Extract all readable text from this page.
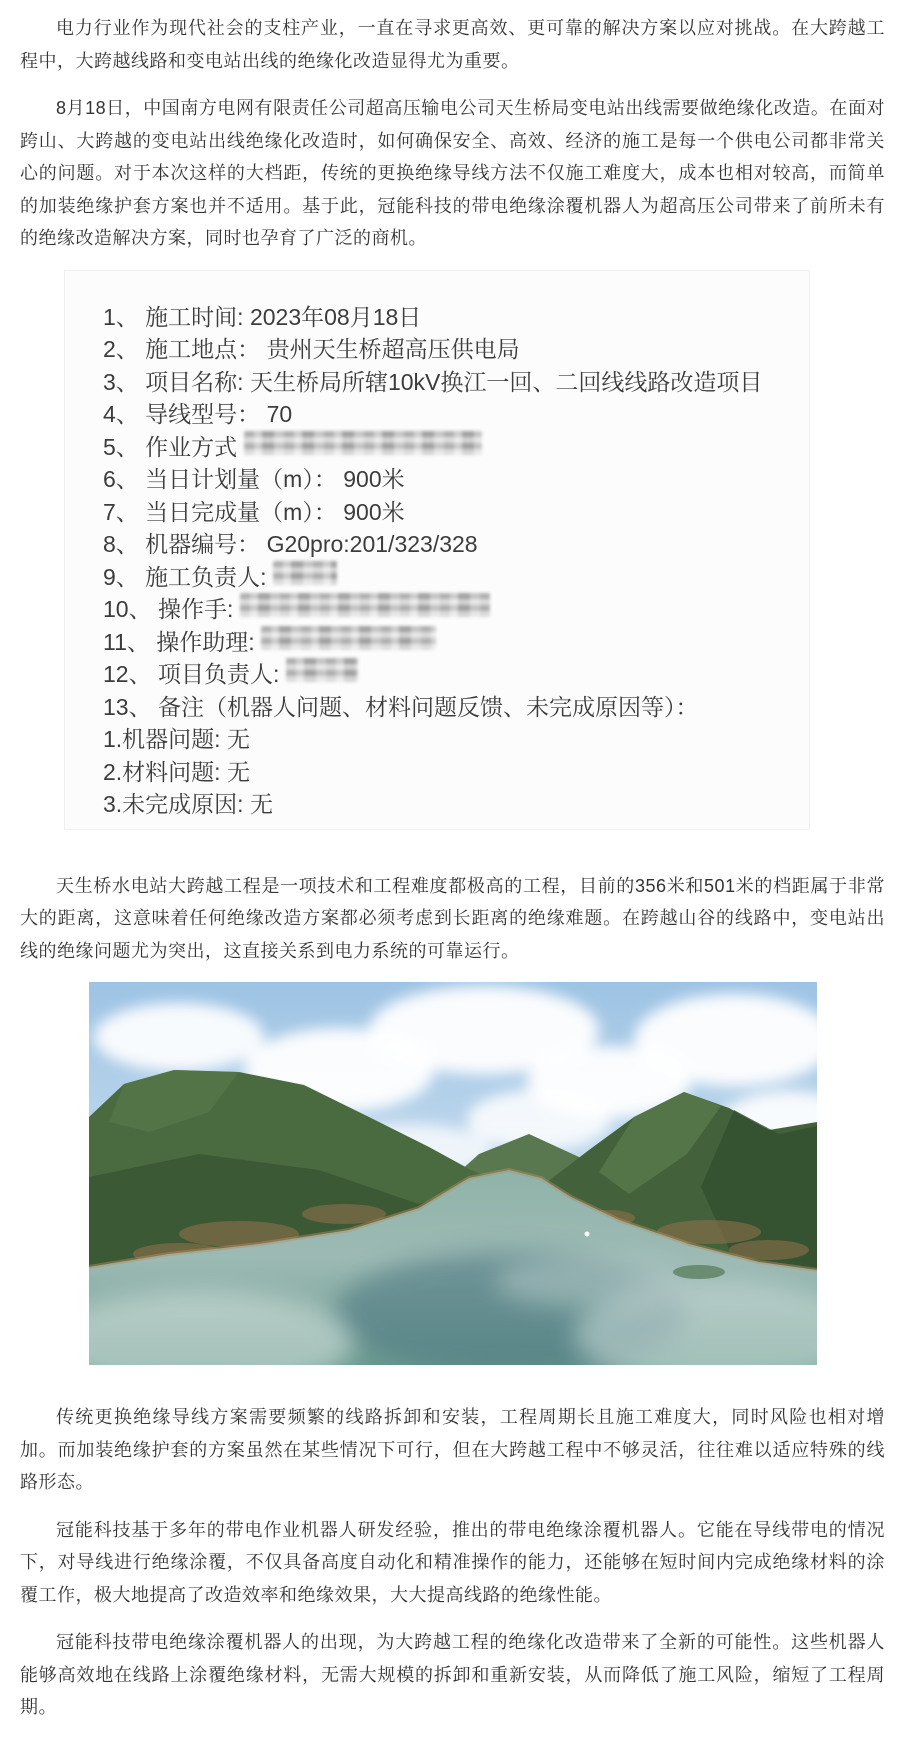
电力行业作为现代社会的支柱产业，一直在寻求更高效、更可靠的解决方案以应对挑战。在大跨越工程中，大跨越线路和变电站出线的绝缘化改造显得尤为重要。

8月18日，中国南方电网有限责任公司超高压输电公司天生桥局变电站出线需要做绝缘化改造。在面对跨山、大跨越的变电站出线绝缘化改造时，如何确保安全、高效、经济的施工是每一个供电公司都非常关心的问题。对于本次这样的大档距，传统的更换绝缘导线方法不仅施工难度大，成本也相对较高，而简单的加装绝缘护套方案也并不适用。基于此，冠能科技的带电绝缘涂覆机器人为超高压公司带来了前所未有的绝缘改造解决方案，同时也孕育了广泛的商机。

1、 施工时间: 2023年08月18日
2、 施工地点： 贵州天生桥超高压供电局
3、 项目名称: 天生桥局所辖10kV换江一回、二回线线路改造项目
4、 导线型号： 70
5、 作业方式
6、 当日计划量（m）： 900米
7、 当日完成量（m）： 900米
8、 机器编号： G20pro:201/323/328
9、 施工负责人:
10、 操作手:
11、 操作助理:
12、 项目负责人:
13、 备注（机器人问题、材料问题反馈、未完成原因等）：
1.机器问题: 无
2.材料问题: 无
3.未完成原因: 无

天生桥水电站大跨越工程是一项技术和工程难度都极高的工程，目前的356米和501米的档距属于非常大的距离，这意味着任何绝缘改造方案都必须考虑到长距离的绝缘难题。在跨越山谷的线路中，变电站出线的绝缘问题尤为突出，这直接关系到电力系统的可靠运行。

传统更换绝缘导线方案需要频繁的线路拆卸和安装，工程周期长且施工难度大，同时风险也相对增加。而加装绝缘护套的方案虽然在某些情况下可行，但在大跨越工程中不够灵活，往往难以适应特殊的线路形态。

冠能科技基于多年的带电作业机器人研发经验，推出的带电绝缘涂覆机器人。它能在导线带电的情况下，对导线进行绝缘涂覆，不仅具备高度自动化和精准操作的能力，还能够在短时间内完成绝缘材料的涂覆工作，极大地提高了改造效率和绝缘效果，大大提高线路的绝缘性能。

冠能科技带电绝缘涂覆机器人的出现，为大跨越工程的绝缘化改造带来了全新的可能性。这些机器人能够高效地在线路上涂覆绝缘材料，无需大规模的拆卸和重新安装，从而降低了施工风险，缩短了工程周期。
